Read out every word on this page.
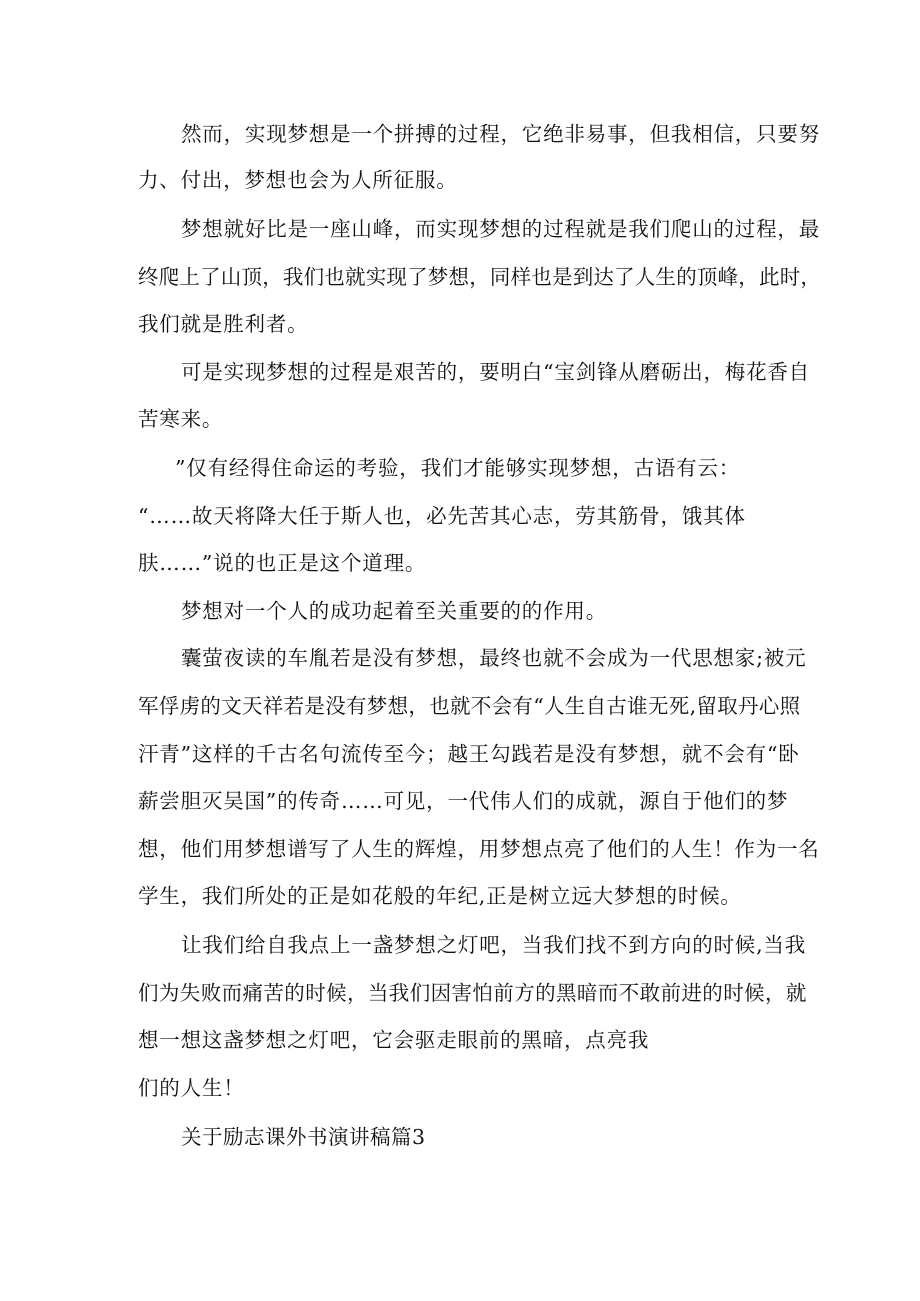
然而，实现梦想是一个拼搏的过程，它绝非易事，但我相信，只要努
力、付出，梦想也会为人所征服。
梦想就好比是一座山峰，而实现梦想的过程就是我们爬山的过程，最
终爬上了山顶，我们也就实现了梦想，同样也是到达了人生的顶峰，此时，
我们就是胜利者。
可是实现梦想的过程是艰苦的，要明白“宝剑锋从磨砺出，梅花香自
苦寒来。
”仅有经得住命运的考验，我们才能够实现梦想，古语有云：
“……故天将降大任于斯人也，必先苦其心志，劳其筋骨，饿其体
肤……”说的也正是这个道理。
梦想对一个人的成功起着至关重要的的作用。
囊萤夜读的车胤若是没有梦想，最终也就不会成为一代思想家;被元
军俘虏的文天祥若是没有梦想，也就不会有“人生自古谁无死,留取丹心照
汗青”这样的千古名句流传至今；越王勾践若是没有梦想，就不会有“卧
薪尝胆灭吴国”的传奇……可见，一代伟人们的成就，源自于他们的梦
想，他们用梦想谱写了人生的辉煌，用梦想点亮了他们的人生！作为一名
学生，我们所处的正是如花般的年纪,正是树立远大梦想的时候。
让我们给自我点上一盏梦想之灯吧，当我们找不到方向的时候,当我
们为失败而痛苦的时候，当我们因害怕前方的黑暗而不敢前进的时候，就
想一想这盏梦想之灯吧，它会驱走眼前的黑暗，点亮我
们的人生！
关于励志课外书演讲稿篇3
